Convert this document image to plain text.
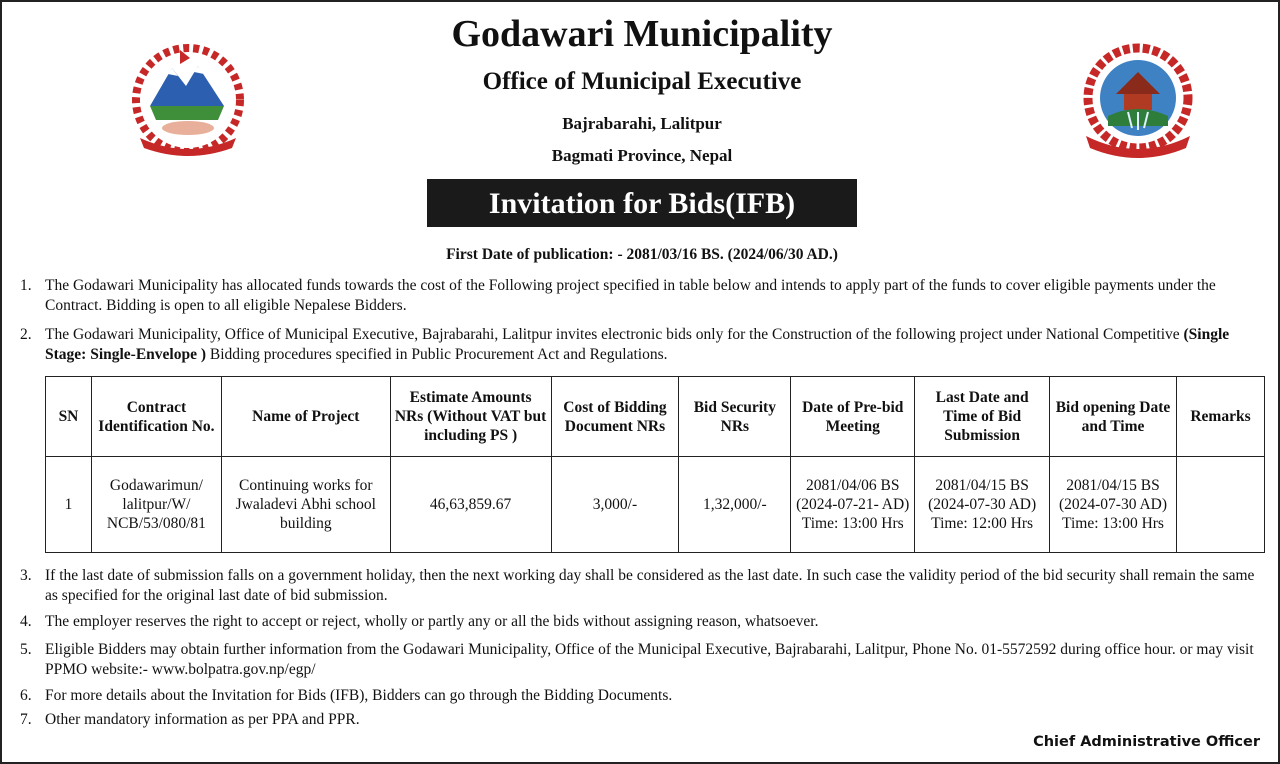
Godawari Municipality
Office of Municipal Executive
Bajrabarahi, Lalitpur
Bagmati Province, Nepal
Invitation for Bids(IFB)
First Date of publication: - 2081/03/16 BS. (2024/06/30 AD.)
1. The Godawari Municipality has allocated funds towards the cost of the Following project specified in table below and intends to apply part of the funds to cover eligible payments under the Contract. Bidding is open to all eligible Nepalese Bidders.
2. The Godawari Municipality, Office of Municipal Executive, Bajrabarahi, Lalitpur invites electronic bids only for the Construction of the following project under National Competitive (Single Stage: Single-Envelope ) Bidding procedures specified in Public Procurement Act and Regulations.
SN	Contract Identification No.	Name of Project	Estimate Amounts NRs (Without VAT but including PS )	Cost of Bidding Document NRs	Bid Security NRs	Date of Pre-bid Meeting	Last Date and Time of Bid Submission	Bid opening Date and Time	Remarks
1	Godawarimun/ lalitpur/W/ NCB/53/080/81	Continuing works for Jwaladevi Abhi school building	46,63,859.67	3,000/-	1,32,000/-	2081/04/06 BS (2024-07-21- AD) Time: 13:00 Hrs	2081/04/15 BS (2024-07-30 AD) Time: 12:00 Hrs	2081/04/15 BS (2024-07-30 AD) Time: 13:00 Hrs	
3. If the last date of submission falls on a government holiday, then the next working day shall be considered as the last date. In such case the validity period of the bid security shall remain the same as specified for the original last date of bid submission.
4. The employer reserves the right to accept or reject, wholly or partly any or all the bids without assigning reason, whatsoever.
5. Eligible Bidders may obtain further information from the Godawari Municipality, Office of the Municipal Executive, Bajrabarahi, Lalitpur, Phone No. 01-5572592 during office hour. or may visit PPMO website:- www.bolpatra.gov.np/egp/
6. For more details about the Invitation for Bids (IFB), Bidders can go through the Bidding Documents.
7. Other mandatory information as per PPA and PPR.
Chief Administrative Officer
